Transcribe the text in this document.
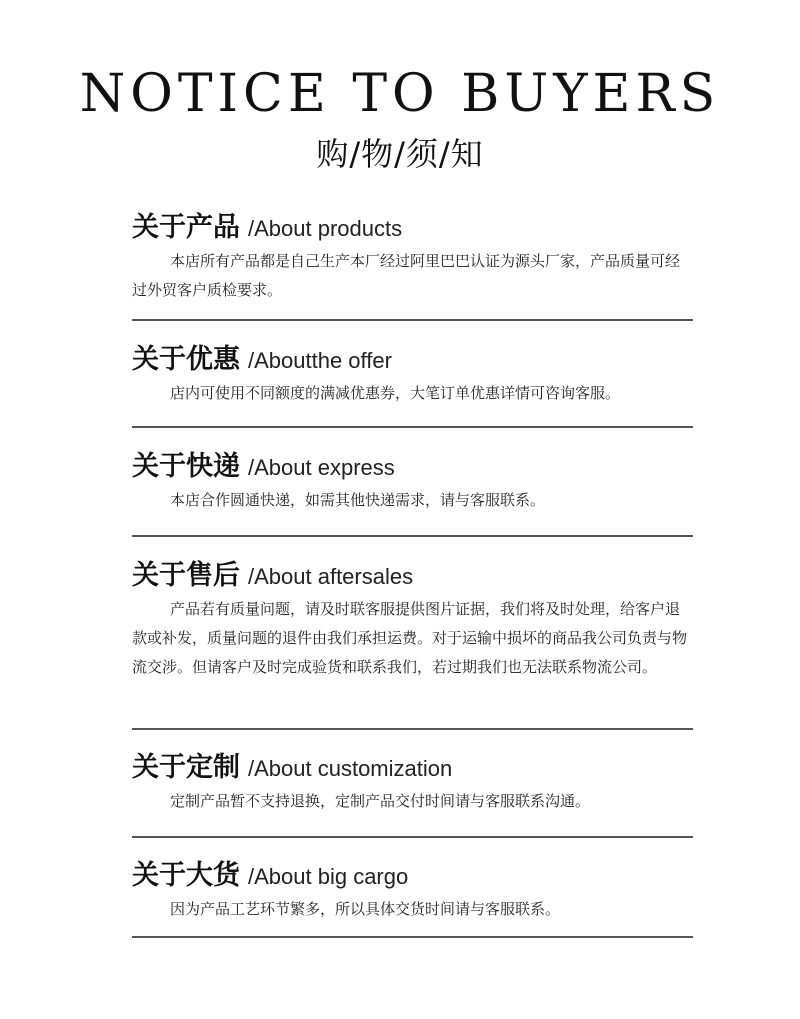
NOTICE TO BUYERS
购/物/须/知
关于产品 /About products
本店所有产品都是自己生产本厂经过阿里巴巴认证为源头厂家，产品质量可经过外贸客户质检要求。
关于优惠 /Aboutthe offer
店内可使用不同额度的满减优惠券，大笔订单优惠详情可咨询客服。
关于快递 /About express
本店合作圆通快递，如需其他快递需求，请与客服联系。
关于售后 /About aftersales
产品若有质量问题，请及时联客服提供图片证据，我们将及时处理，给客户退款或补发，质量问题的退件由我们承担运费。对于运输中损坏的商品我公司负责与物流交涉。但请客户及时完成验货和联系我们，若过期我们也无法联系物流公司。
关于定制 /About customization
定制产品暂不支持退换，定制产品交付时间请与客服联系沟通。
关于大货 /About big cargo
因为产品工艺环节繁多，所以具体交货时间请与客服联系。
